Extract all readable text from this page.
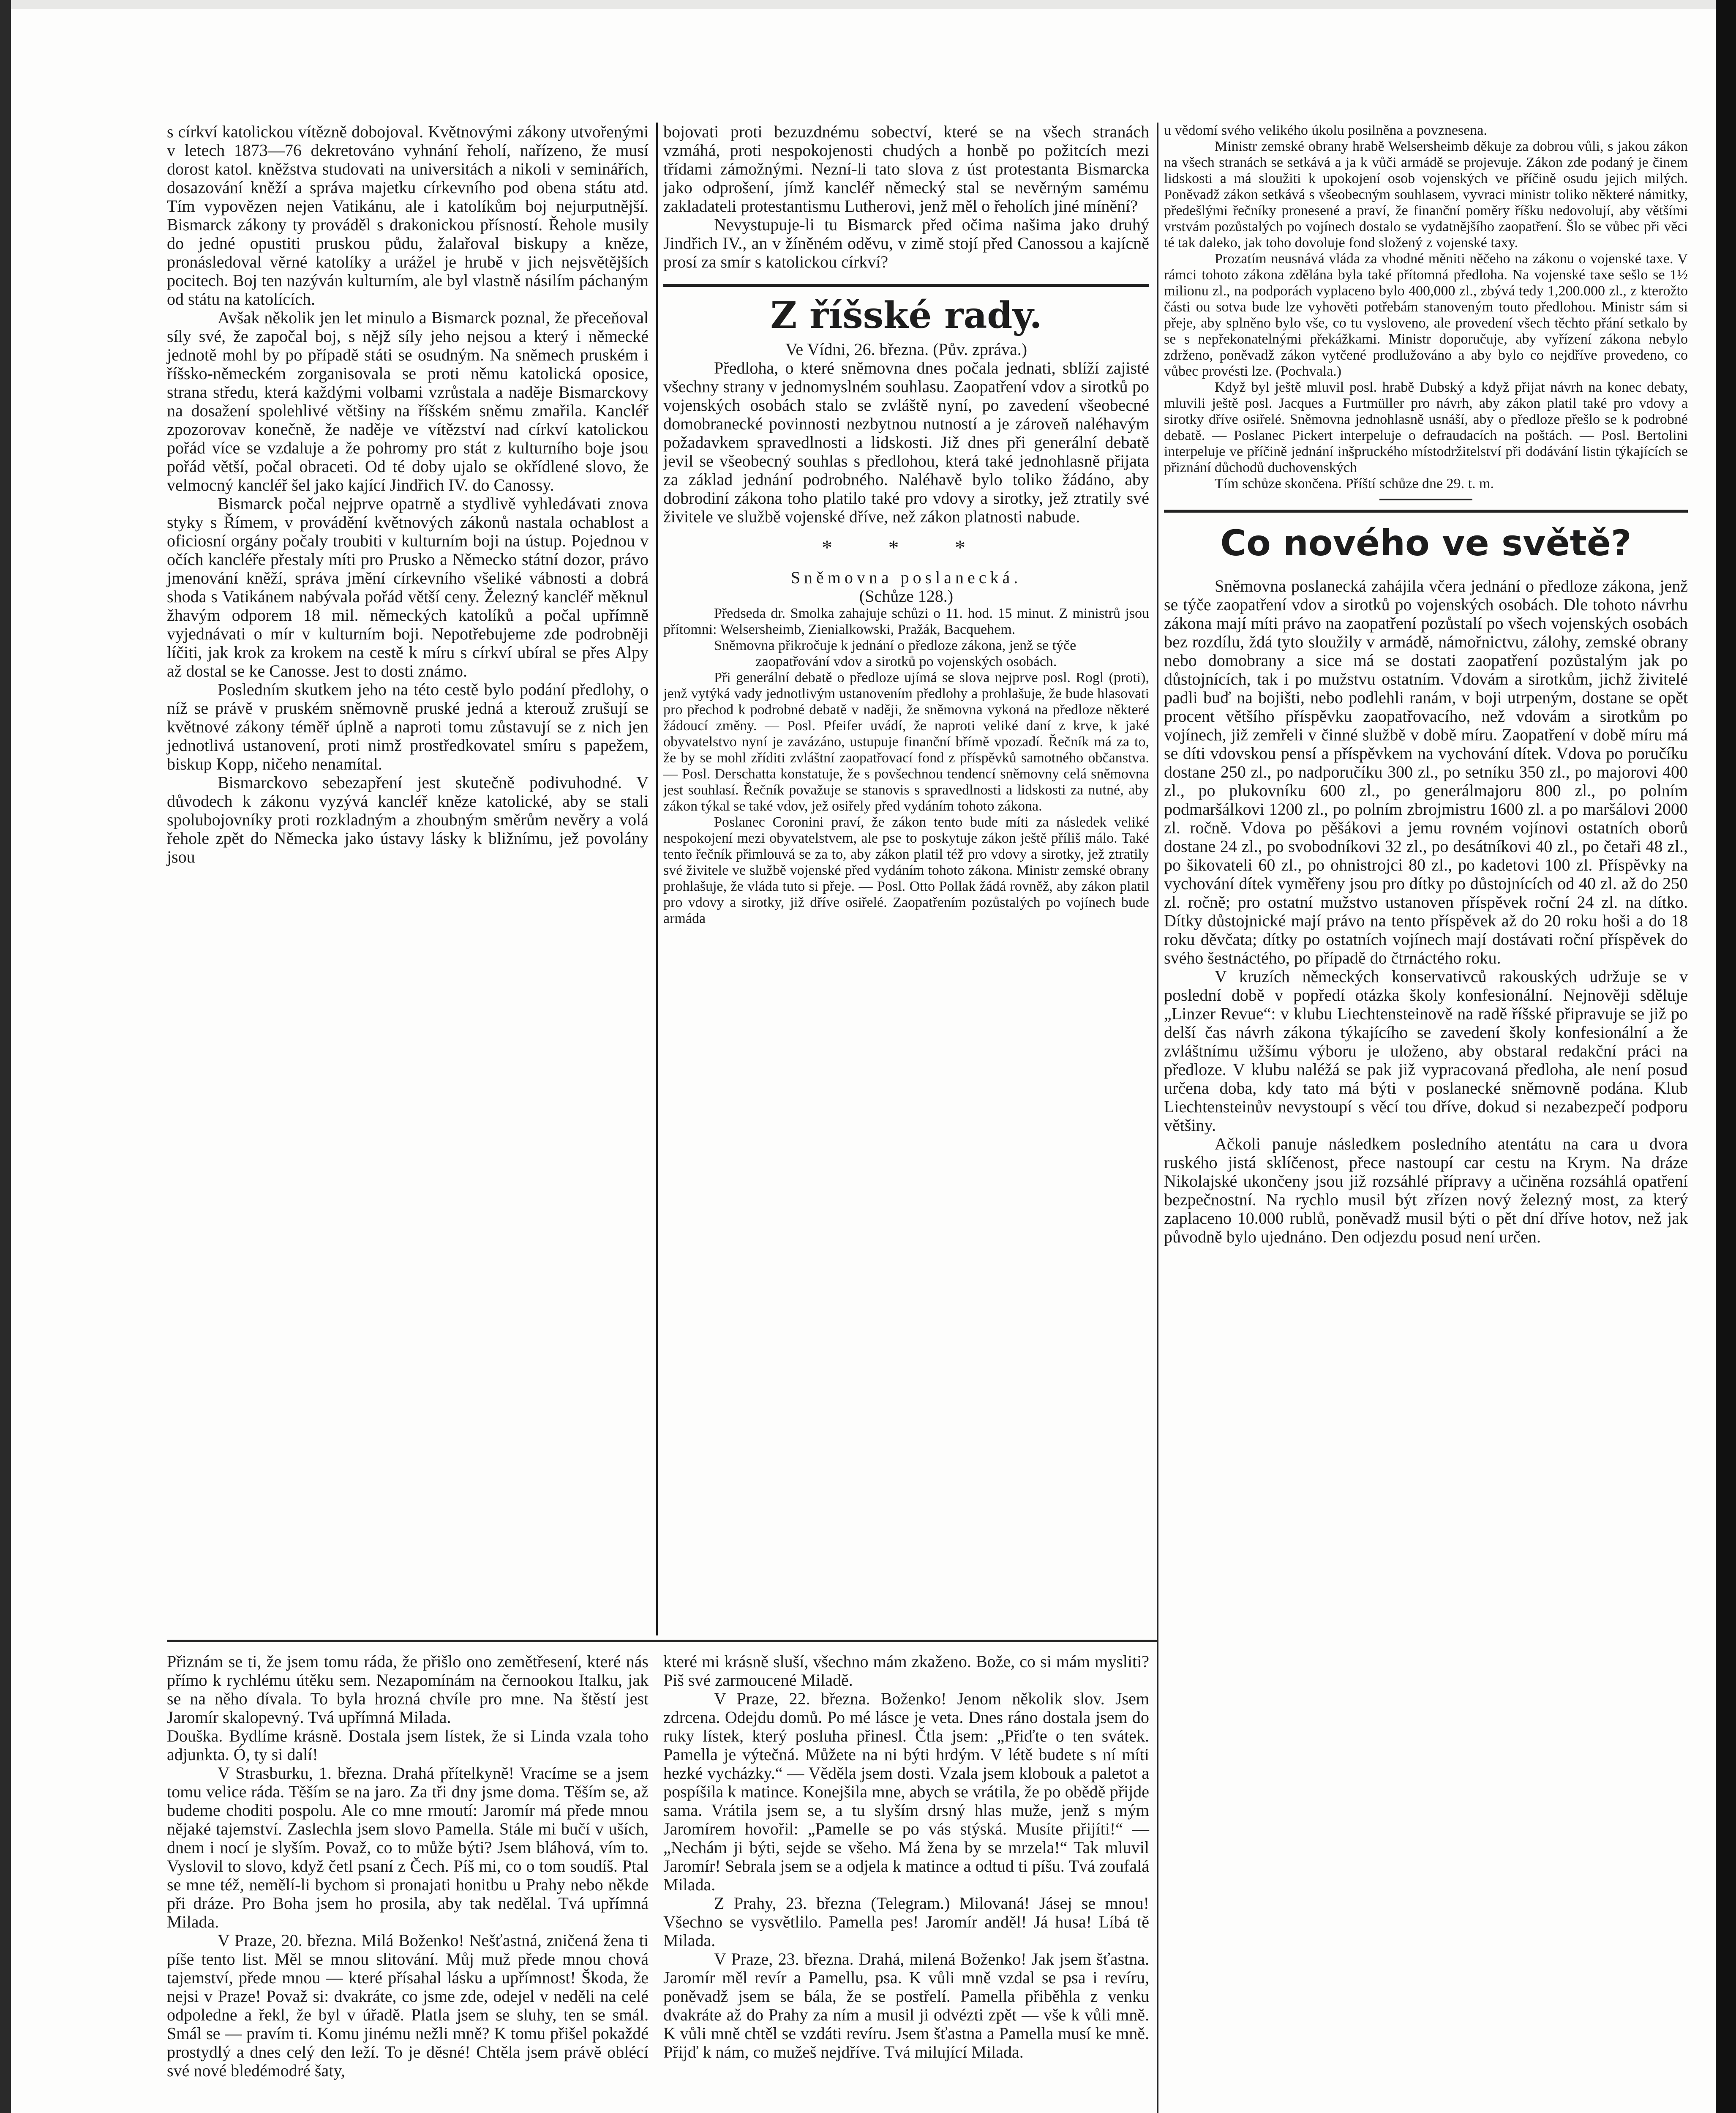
s církví katolickou vítězně dobojoval. Květnovými zákony utvořenými v letech 1873—76 dekretováno vyhnání řeholí, nařízeno, že musí dorost katol. kněžstva studovati na universitách a nikoli v seminářích, dosazování kněží a správa majetku církevního pod obena státu atd. Tím vypovězen nejen Vatikánu, ale i katolíkům boj nejurputnější. Bismarck zákony ty prováděl s drakonickou přísností. Řehole musily do jedné opustiti pruskou půdu, žalařoval biskupy a kněze, pronásledoval věrné katolíky a urážel je hrubě v jich nejsvětějších pocitech. Boj ten nazýván kulturním, ale byl vlastně násilím páchaným od státu na katolících.

Avšak několik jen let minulo a Bismarck poznal, že přeceňoval síly své, že započal boj, s nějž síly jeho nejsou a který i německé jednotě mohl by po případě státi se osudným. Na sněmech pruském i říšsko-německém zorganisovala se proti němu katolická oposice, strana středu, která každými volbami vzrůstala a naděje Bismarckovy na dosažení spolehlivé většiny na říšském sněmu zmařila. Kancléř zpozorovav konečně, že naděje ve vítězství nad církví katolickou pořád více se vzdaluje a že pohromy pro stát z kulturního boje jsou pořád větší, počal obraceti. Od té doby ujalo se okřídlené slovo, že velmocný kancléř šel jako kající Jindřich IV. do Canossy.

Bismarck počal nejprve opatrně a stydlivě vyhledávati znova styky s Římem, v provádění květnových zákonů nastala ochablost a oficiosní orgány počaly troubiti v kulturním boji na ústup. Pojednou v očích kancléře přestaly míti pro Prusko a Německo státní dozor, právo jmenování kněží, správa jmění církevního všeliké vábnosti a dobrá shoda s Vatikánem nabývala pořád větší ceny. Železný kancléř měknul žhavým odporem 18 mil. německých katolíků a počal upřímně vyjednávati o mír v kulturním boji. Nepotřebujeme zde podrobněji líčiti, jak krok za krokem na cestě k míru s církví ubíral se přes Alpy až dostal se ke Canosse. Jest to dosti známo.

Posledním skutkem jeho na této cestě bylo podání předlohy, o níž se právě v pruském sněmovně pruské jedná a kterouž zrušují se květnové zákony téměř úplně a naproti tomu zůstavují se z nich jen jednotlivá ustanovení, proti nimž prostředkovatel smíru s papežem, biskup Kopp, ničeho nenamítal.

Bismarckovo sebezapření jest skutečně podivuhodné. V důvodech k zákonu vyzývá kancléř kněze katolické, aby se stali spolubojovníky proti rozkladným a zhoubným směrům nevěry a volá řehole zpět do Německa jako ústavy lásky k bližnímu, jež povolány jsou

bojovati proti bezuzdnému sobectví, které se na všech stranách vzmáhá, proti nespokojenosti chudých a honbě po požitcích mezi třídami zámožnými. Nezní-li tato slova z úst protestanta Bismarcka jako odprošení, jímž kancléř německý stal se nevěrným samému zakladateli protestantismu Lutherovi, jenž měl o řeholích jiné mínění?

Nevystupuje-li tu Bismarck před očima našima jako druhý Jindřich IV., an v žíněném oděvu, v zimě stojí před Canossou a kajícně prosí za smír s katolickou církví?

Z říšské rady.
Ve Vídni, 26. března. (Pův. zpráva.)

Předloha, o které sněmovna dnes počala jednati, sblíží zajisté všechny strany v jednomyslném souhlasu. Zaopatření vdov a sirotků po vojenských osobách stalo se zvláště nyní, po zavedení všeobecné domobranecké povinnosti nezbytnou nutností a je zároveň naléhavým požadavkem spravedlnosti a lidskosti. Již dnes při generální debatě jevil se všeobecný souhlas s předlohou, která také jednohlasně přijata za základ jednání podrobného. Naléhavě bylo toliko žádáno, aby dobrodiní zákona toho platilo také pro vdovy a sirotky, jež ztratily své živitele ve službě vojenské dříve, než zákon platnosti nabude.

* * *
Sněmovna poslanecká.
(Schůze 128.)

Předseda dr. Smolka zahajuje schůzi o 11. hod. 15 minut. Z ministrů jsou přítomni: Welsersheimb, Zienialkowski, Pražák, Bacquehem.

Sněmovna přikročuje k jednání o předloze zákona, jenž se týče

zaopatřování vdov a sirotků po vojenských osobách.

Při generální debatě o předloze ujímá se slova nejprve posl. Rogl (proti), jenž vytýká vady jednotlivým ustanovením předlohy a prohlašuje, že bude hlasovati pro přechod k podrobné debatě v naději, že sněmovna vykoná na předloze některé žádoucí změny. — Posl. Pfeifer uvádí, že naproti veliké daní z krve, k jaké obyvatelstvo nyní je zavázáno, ustupuje finanční břímě vpozadí. Řečník má za to, že by se mohl zříditi zvláštní zaopatřovací fond z příspěvků samotného občanstva. — Posl. Derschatta konstatuje, že s povšechnou tendencí sněmovny celá sněmovna jest souhlasí. Řečník považuje se stanovis s spravedlnosti a lidskosti za nutné, aby zákon týkal se také vdov, jež osiřely před vydáním tohoto zákona.

Poslanec Coronini praví, že zákon tento bude míti za následek veliké nespokojení mezi obyvatelstvem, ale pse to poskytuje zákon ještě příliš málo. Také tento řečník přimlouvá se za to, aby zákon platil též pro vdovy a sirotky, jež ztratily své živitele ve službě vojenské před vydáním tohoto zákona. Ministr zemské obrany prohlašuje, že vláda tuto si přeje. — Posl. Otto Pollak žádá rovněž, aby zákon platil pro vdovy a sirotky, již dříve osiřelé. Zaopatřením pozůstalých po vojínech bude armáda

u vědomí svého velikého úkolu posilněna a povznesena.

Ministr zemské obrany hrabě Welsersheimb děkuje za dobrou vůli, s jakou zákon na všech stranách se setkává a ja k vůči armádě se projevuje. Zákon zde podaný je činem lidskosti a má sloužiti k upokojení osob vojenských ve příčině osudu jejich milých. Poněvadž zákon setkává s všeobecným souhlasem, vyvraci ministr toliko některé námitky, předešlými řečníky pronesené a praví, že finanční poměry říšku nedovolují, aby většími vrstvám pozůstalých po vojínech dostalo se vydatnějšího zaopatření. Šlo se vůbec při věci té tak daleko, jak toho dovoluje fond složený z vojenské taxy.

Prozatím neusnává vláda za vhodné měniti něčeho na zákonu o vojenské taxe. V rámci tohoto zákona zdělána byla také přítomná předloha. Na vojenské taxe sešlo se 1½ milionu zl., na podporách vyplaceno bylo 400,000 zl., zbývá tedy 1,200.000 zl., z kterožto části ou sotva bude lze vyhověti potřebám stanoveným touto předlohou. Ministr sám si přeje, aby splněno bylo vše, co tu vysloveno, ale provedení všech těchto přání setkalo by se s nepřekonatelnými překážkami. Ministr doporučuje, aby vyřízení zákona nebylo zdrženo, poněvadž zákon vytčené prodlužováno a aby bylo co nejdříve provedeno, co vůbec provésti lze. (Pochvala.)

Když byl ještě mluvil posl. hrabě Dubský a když přijat návrh na konec debaty, mluvili ještě posl. Jacques a Furtmüller pro návrh, aby zákon platil také pro vdovy a sirotky dříve osiřelé. Sněmovna jednohlasně usnáší, aby o předloze přešlo se k podrobné debatě. — Poslanec Pickert interpeluje o defraudacích na poštách. — Posl. Bertolini interpeluje ve příčině jednání inšpruckého místodržitelství při dodávání listin týkajících se přiznání důchodů duchovenských

Tím schůze skončena. Příští schůze dne 29. t. m.

Co nového ve světě?

Sněmovna poslanecká zahájila včera jednání o předloze zákona, jenž se týče zaopatření vdov a sirotků po vojenských osobách. Dle tohoto návrhu zákona mají míti právo na zaopatření pozůstalí po všech vojenských osobách bez rozdílu, ždá tyto sloužily v armádě, námořnictvu, zálohy, zemské obrany nebo domobrany a sice má se dostati zaopatření pozůstalým jak po důstojnících, tak i po mužstvu ostatním. Vdovám a sirotkům, jichž živitelé padli buď na bojišti, nebo podlehli ranám, v boji utrpeným, dostane se opět procent většího příspěvku zaopatřovacího, než vdovám a sirotkům po vojínech, již zemřeli v činné službě v době míru. Zaopatření v době míru má se díti vdovskou pensí a příspěvkem na vychování dítek. Vdova po poručíku dostane 250 zl., po nadporučíku 300 zl., po setníku 350 zl., po majorovi 400 zl., po plukovníku 600 zl., po generálmajoru 800 zl., po polním podmaršálkovi 1200 zl., po polním zbrojmistru 1600 zl. a po maršálovi 2000 zl. ročně. Vdova po pěšákovi a jemu rovném vojínovi ostatních oborů dostane 24 zl., po svobodníkovi 32 zl., po desátníkovi 40 zl., po četaři 48 zl., po šikovateli 60 zl., po ohnistrojci 80 zl., po kadetovi 100 zl. Příspěvky na vychování dítek vyměřeny jsou pro dítky po důstojnících od 40 zl. až do 250 zl. ročně; pro ostatní mužstvo ustanoven příspěvek roční 24 zl. na dítko. Dítky důstojnické mají právo na tento příspěvek až do 20 roku hoši a do 18 roku děvčata; dítky po ostatních vojínech mají dostávati roční příspěvek do svého šestnáctého, po případě do čtrnáctého roku.

V kruzích německých konservativců rakouských udržuje se v poslední době v popředí otázka školy konfesionální. Nejnověji sděluje „Linzer Revue“: v klubu Liechtensteinově na radě říšské připravuje se již po delší čas návrh zákona týkajícího se zavedení školy konfesionální a že zvláštnímu užšímu výboru je uloženo, aby obstaral redakční práci na předloze. V klubu naléžá se pak již vypracovaná předloha, ale není posud určena doba, kdy tato má býti v poslanecké sněmovně podána. Klub Liechtensteinův nevystoupí s věcí tou dříve, dokud si nezabezpečí podporu většiny.

Ačkoli panuje následkem posledního atentátu na cara u dvora ruského jistá sklíčenost, přece nastoupí car cestu na Krym. Na dráze Nikolajské ukončeny jsou již rozsáhlé přípravy a učiněna rozsáhlá opatření bezpečnostní. Na rychlo musil být zřízen nový železný most, za který zaplaceno 10.000 rublů, poněvadž musil býti o pět dní dříve hotov, než jak původně bylo ujednáno. Den odjezdu posud není určen.

Přiznám se ti, že jsem tomu ráda, že přišlo ono zemětřesení, které nás přímo k rychlému útěku sem. Nezapomínám na černookou Italku, jak se na něho dívala. To byla hrozná chvíle pro mne. Na štěstí jest Jaromír skalopevný. Tvá upřímná Milada.

Douška. Bydlíme krásně. Dostala jsem lístek, že si Linda vzala toho adjunkta. Ó, ty si dalí!

V Strasburku, 1. března. Drahá přítelkyně! Vracíme se a jsem tomu velice ráda. Těším se na jaro. Za tři dny jsme doma. Těším se, až budeme choditi pospolu. Ale co mne rmoutí: Jaromír má přede mnou nějaké tajemství. Zaslechla jsem slovo Pamella. Stále mi bučí v uších, dnem i nocí je slyším. Považ, co to může býti? Jsem bláhová, vím to. Vyslovil to slovo, když četl psaní z Čech. Píš mi, co o tom soudíš. Ptal se mne též, nemělí-li bychom si pronajati honitbu u Prahy nebo někde při dráze. Pro Boha jsem ho prosila, aby tak nedělal. Tvá upřímná Milada.

V Praze, 20. března. Milá Boženko! Nešťastná, zničená žena ti píše tento list. Měl se mnou slitování. Můj muž přede mnou chová tajemství, přede mnou — které přísahal lásku a upřímnost! Škoda, že nejsi v Praze! Považ si: dvakráte, co jsme zde, odejel v neděli na celé odpoledne a řekl, že byl v úřadě. Platla jsem se sluhy, ten se smál. Smál se — pravím ti. Komu jinému nežli mně? K tomu přišel pokaždé prostydlý a dnes celý den leží. To je děsné! Chtěla jsem právě oblécí své nové bledémodré šaty,

které mi krásně sluší, všechno mám zkaženo. Bože, co si mám mysliti? Piš své zarmoucené Miladě.

V Praze, 22. března. Boženko! Jenom několik slov. Jsem zdrcena. Odejdu domů. Po mé lásce je veta. Dnes ráno dostala jsem do ruky lístek, který posluha přinesl. Čtla jsem: „Přiďte o ten svátek. Pamella je výtečná. Můžete na ni býti hrdým. V létě budete s ní míti hezké vycházky.“ — Věděla jsem dosti. Vzala jsem klobouk a paletot a pospíšila k matince. Konejšila mne, abych se vrátila, že po obědě přijde sama. Vrátila jsem se, a tu slyším drsný hlas muže, jenž s mým Jaromírem hovořil: „Pamelle se po vás stýská. Musíte přijíti!“ — „Nechám ji býti, sejde se všeho. Má žena by se mrzela!“ Tak mluvil Jaromír! Sebrala jsem se a odjela k matince a odtud ti píšu. Tvá zoufalá Milada.

Z Prahy, 23. března (Telegram.) Milovaná! Jásej se mnou! Všechno se vysvětlilo. Pamella pes! Jaromír anděl! Já husa! Líbá tě Milada.

V Praze, 23. března. Drahá, milená Boženko! Jak jsem šťastna. Jaromír měl revír a Pamellu, psa. K vůli mně vzdal se psa i revíru, poněvadž jsem se bála, že se postřelí. Pamella přiběhla z venku dvakráte až do Prahy za ním a musil ji odvézti zpět — vše k vůli mně. K vůli mně chtěl se vzdáti revíru. Jsem šťastna a Pamella musí ke mně. Přijď k nám, co mužeš nejdříve. Tvá milující Milada.
